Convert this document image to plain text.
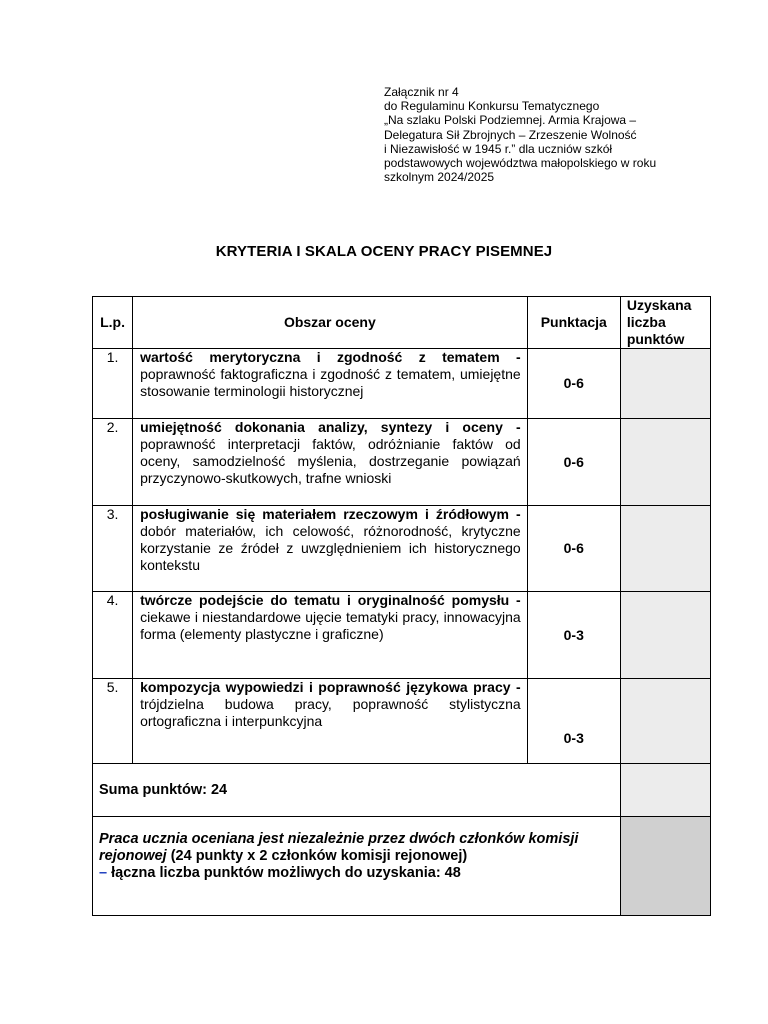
Załącznik nr 4
do Regulaminu Konkursu Tematycznego
„Na szlaku Polski Podziemnej. Armia Krajowa –
Delegatura Sił Zbrojnych – Zrzeszenie Wolność
i Niezawisłość w 1945 r.” dla uczniów szkół
podstawowych województwa małopolskiego w roku
szkolnym 2024/2025
KRYTERIA I SKALA OCENY PRACY PISEMNEJ
L.p.	Obszar oceny	Punktacja	Uzyskana
liczba
punktów

1.	wartość merytoryczna i zgodność z tematem - poprawność faktograficzna i zgodność z tematem, umiejętne stosowanie terminologii historycznej	0-6	
2.	umiejętność dokonania analizy, syntezy i oceny - poprawność interpretacji faktów, odróżnianie faktów od oceny, samodzielność myślenia, dostrzeganie powiązań przyczynowo-skutkowych, trafne wnioski	0-6	
3.	posługiwanie się materiałem rzeczowym i źródłowym - dobór materiałów, ich celowość, różnorodność, krytyczne korzystanie ze źródeł z uwzględnieniem ich historycznego kontekstu	0-6	
4.	twórcze podejście do tematu i oryginalność pomysłu - ciekawe i niestandardowe ujęcie tematyki pracy, innowacyjna forma (elementy plastyczne i graficzne)	0-3	
5.	kompozycja wypowiedzi i poprawność językowa pracy - trójdzielna budowa pracy, poprawność stylistyczna ortograficzna i interpunkcyjna	0-3	
Suma punktów: 24			
Praca ucznia oceniana jest niezależnie przez dwóch członków komisji rejonowej (24 punkty x 2 członków komisji rejonowej)
– łączna liczba punktów możliwych do uzyskania: 48			
